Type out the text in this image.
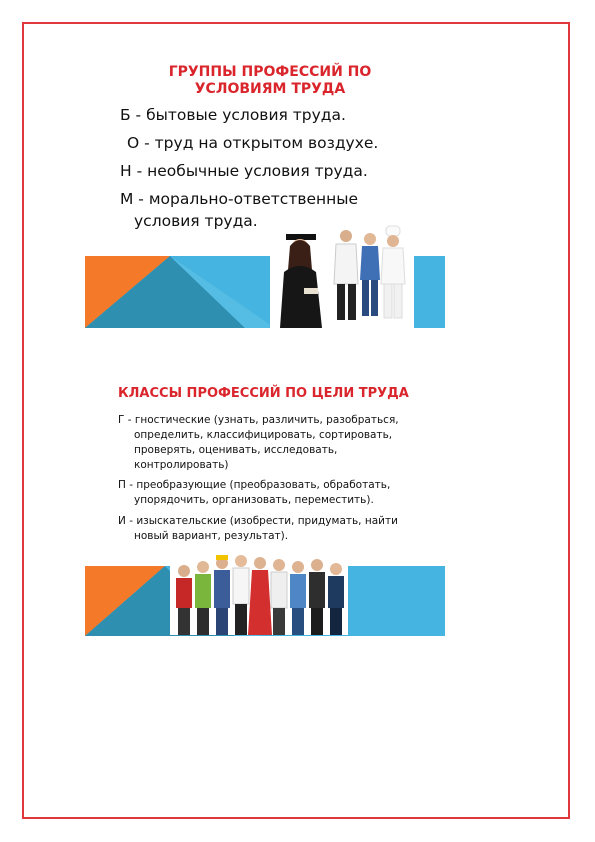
ГРУППЫ ПРОФЕССИЙ ПО
УСЛОВИЯМ ТРУДА
Б - бытовые условия труда.
О - труд на открытом воздухе.
Н - необычные условия труда.
М - морально-ответственные
условия труда.
КЛАССЫ ПРОФЕССИЙ ПО ЦЕЛИ ТРУДА
Г - гностические (узнать, различить, разобраться,
определить, классифицировать, сортировать,
проверять, оценивать, исследовать,
контролировать)
П - преобразующие (преобразовать, обработать,
упорядочить, организовать, переместить).
И - изыскательские (изобрести, придумать, найти
новый вариант, результат).
